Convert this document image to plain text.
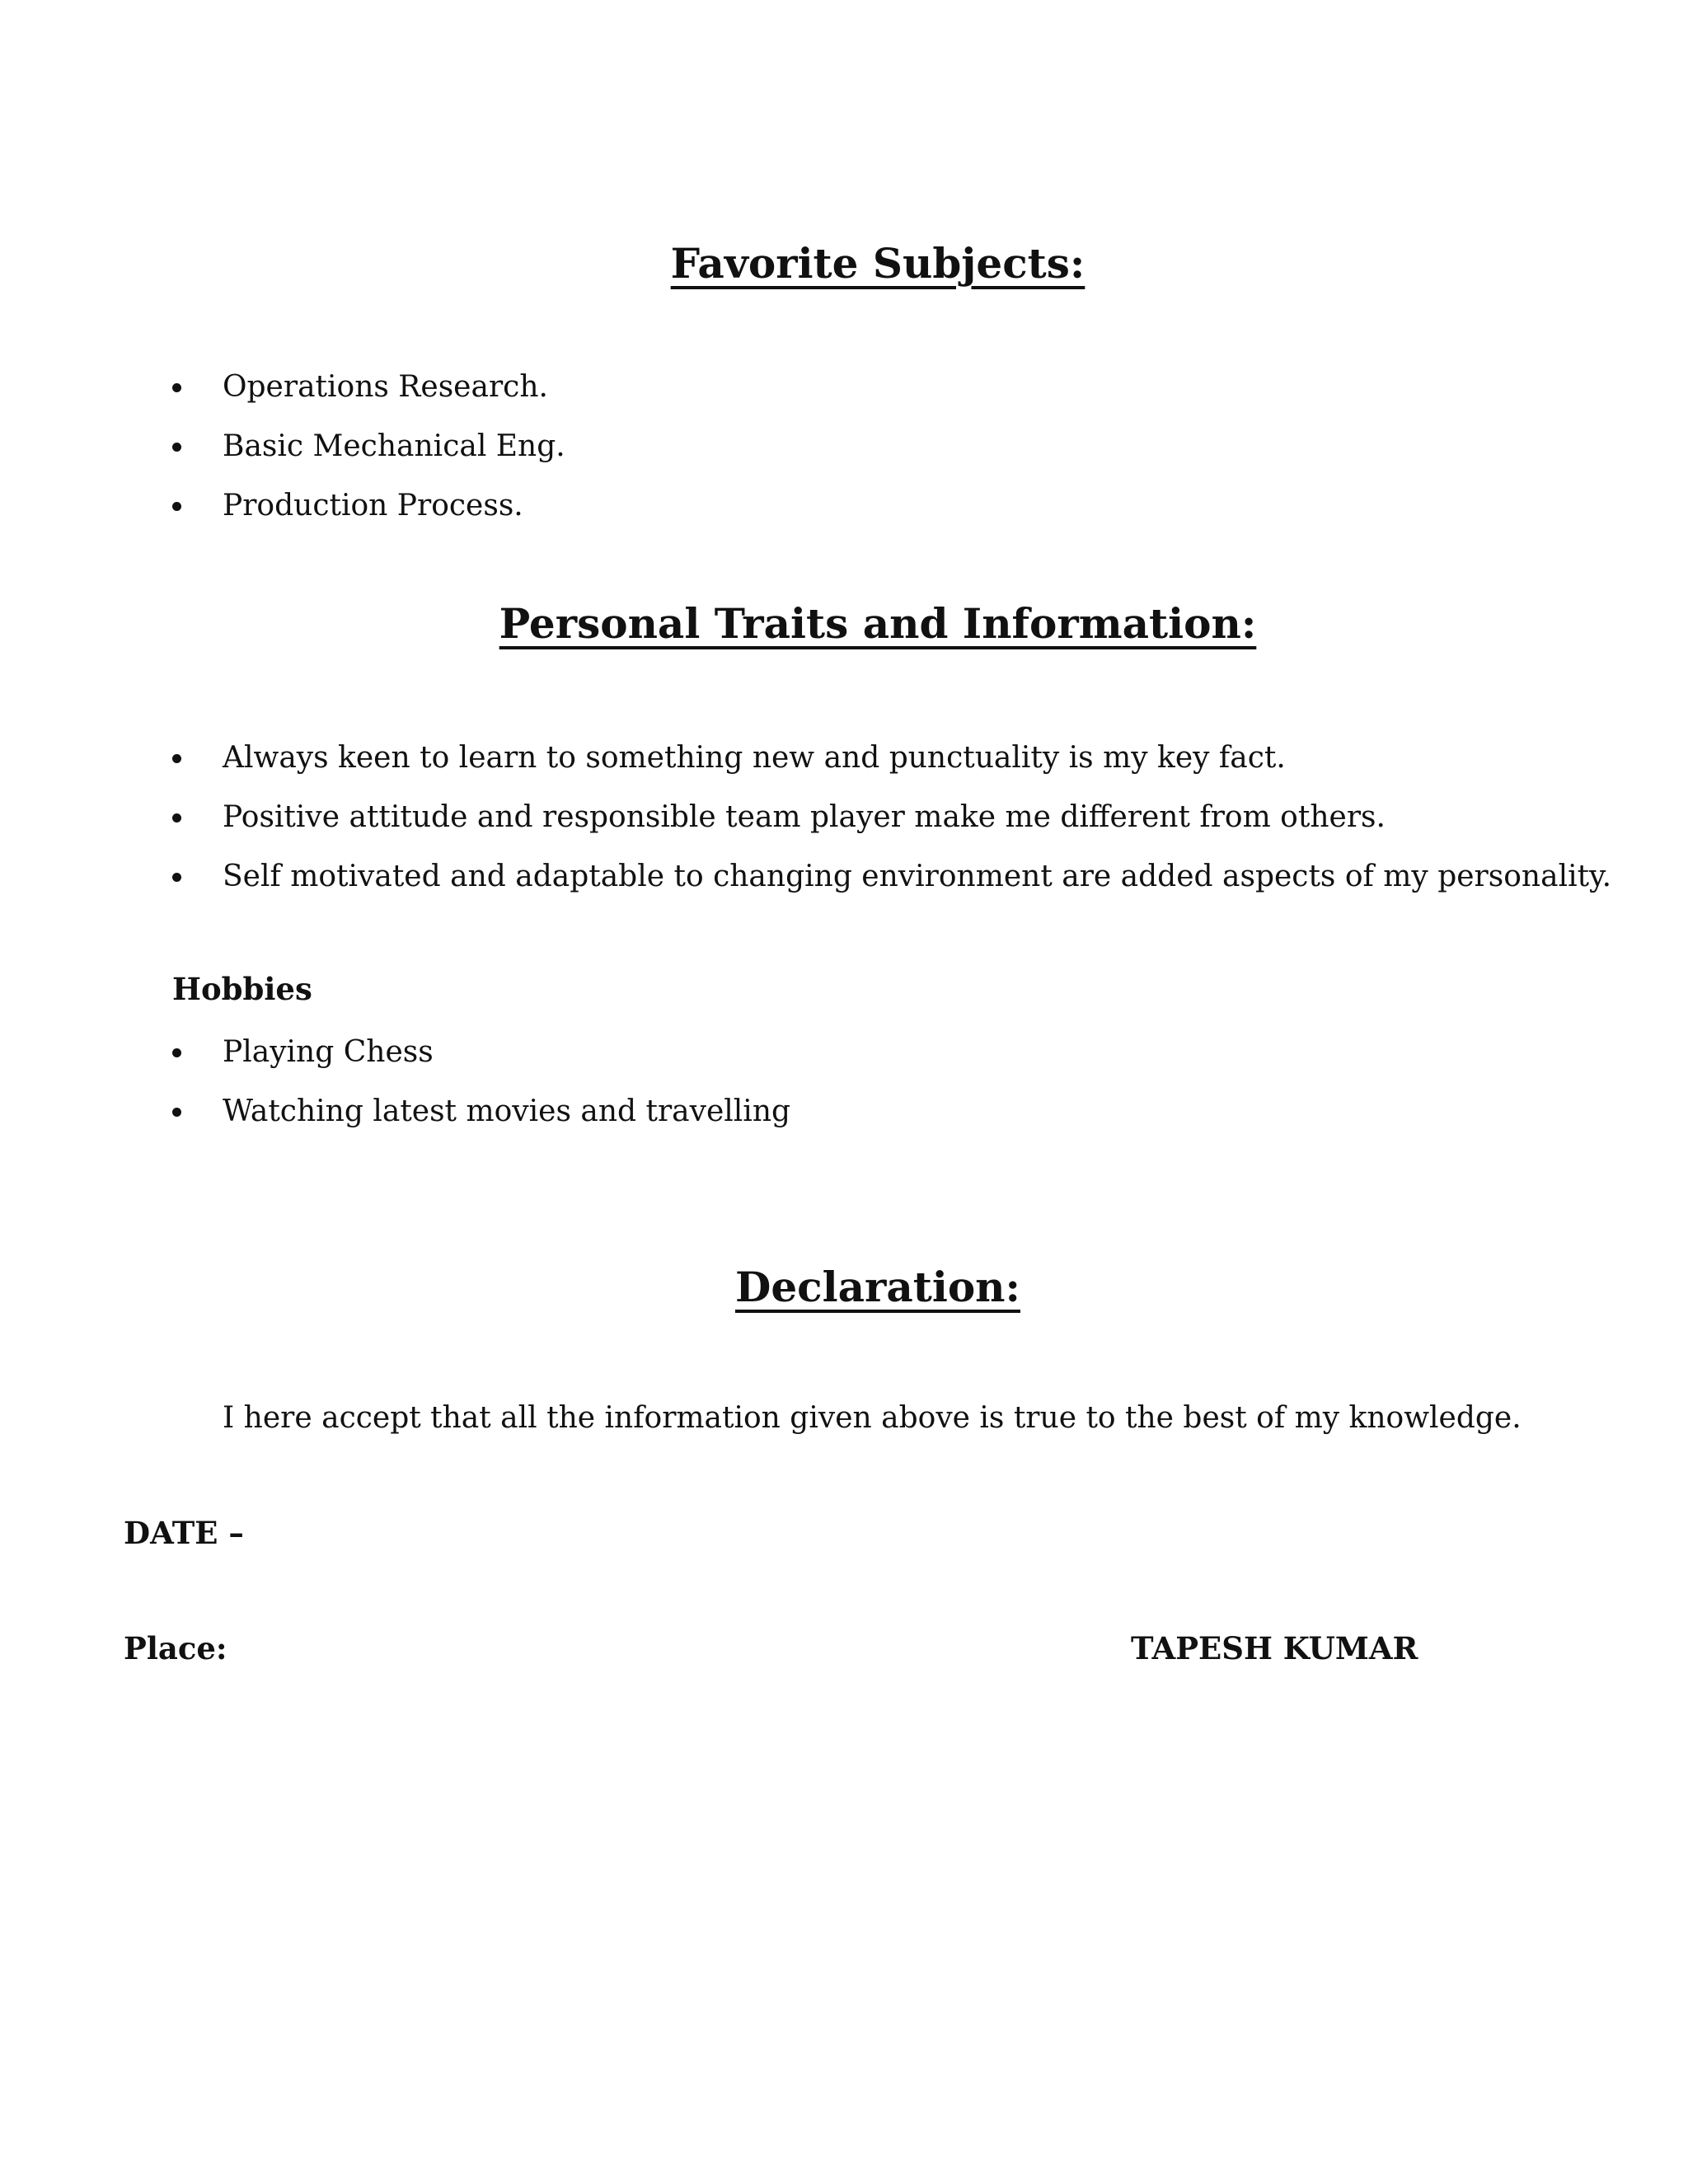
Favorite Subjects:
Operations Research.
Basic Mechanical Eng.
Production Process.
Personal Traits and Information:
Always keen to learn to something new and punctuality is my key fact.
Positive attitude and responsible team player make me different from others.
Self motivated and adaptable to changing environment are added aspects of my personality.

Hobbies

Playing Chess
Watching latest movies and travelling
Declaration:

I here accept that all the information given above is true to the best of my knowledge.

DATE –

Place:	TAPESH KUMAR
